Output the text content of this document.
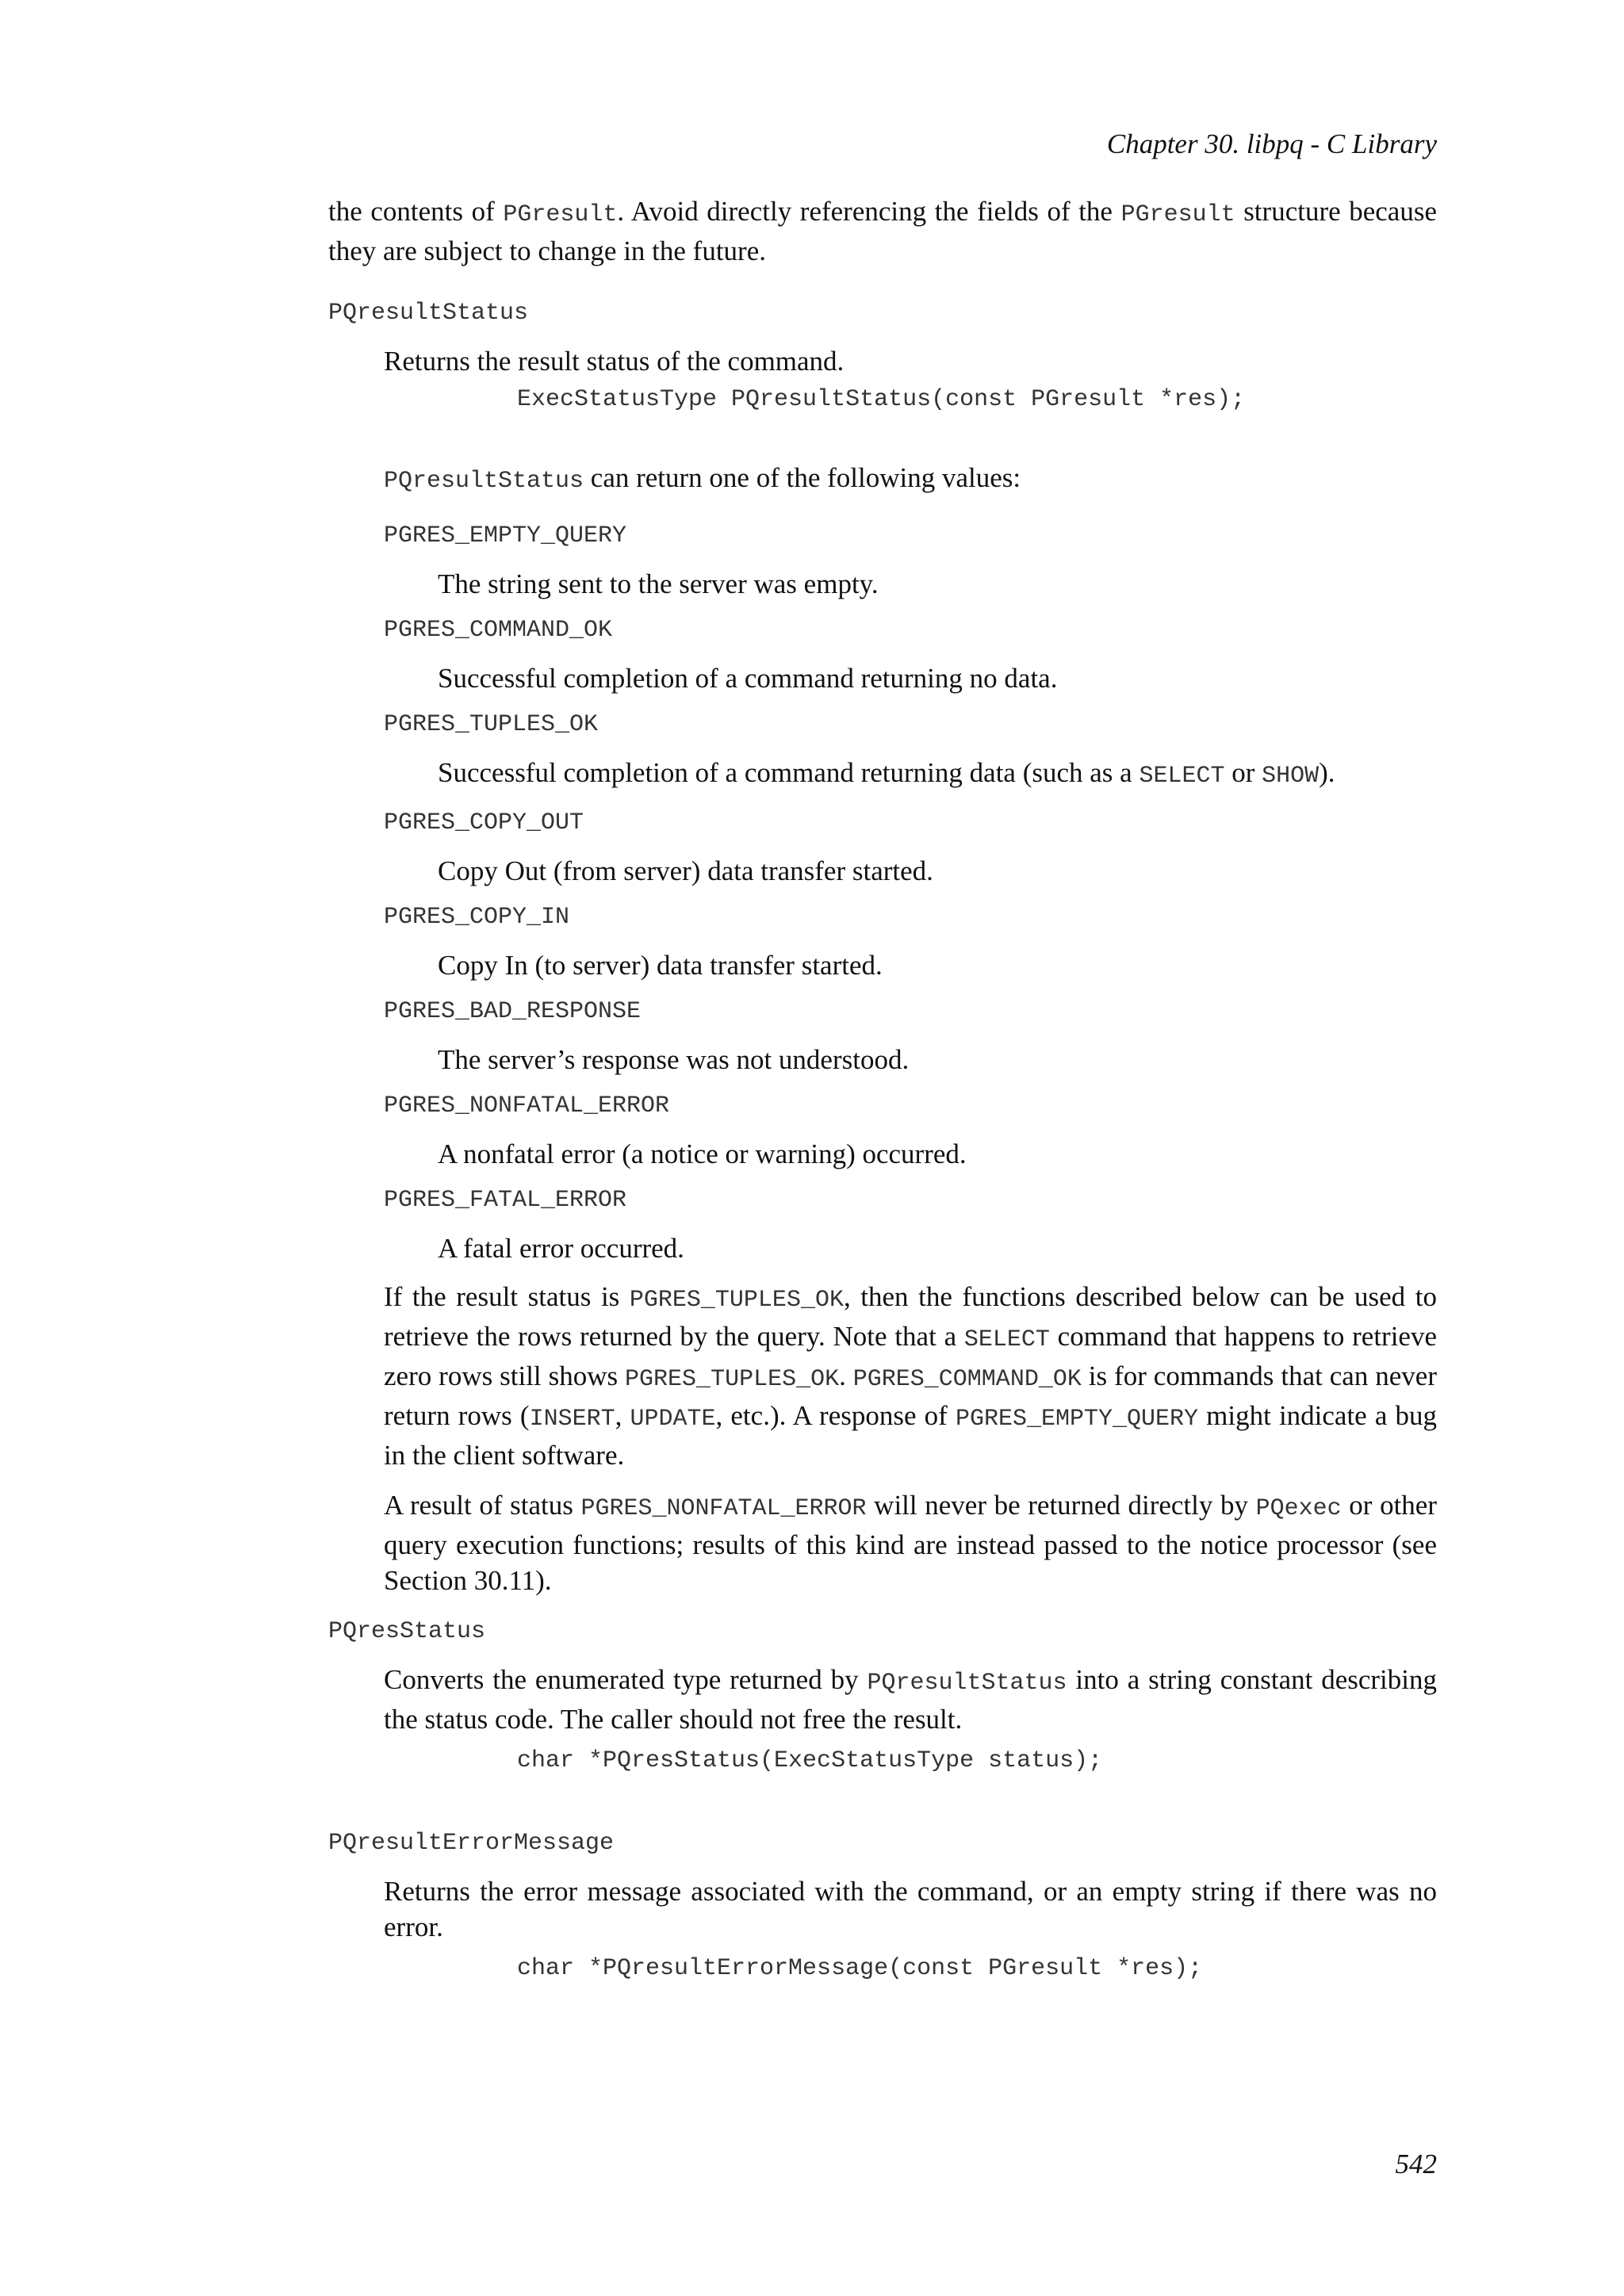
Chapter 30. libpq - C Library

the contents of PGresult. Avoid directly referencing the fields of the PGresult structure because they are subject to change in the future.

PQresultStatus

Returns the result status of the command.

ExecStatusType PQresultStatus(const PGresult *res);

PQresultStatus can return one of the following values:

PGRES_EMPTY_QUERY

The string sent to the server was empty.

PGRES_COMMAND_OK

Successful completion of a command returning no data.

PGRES_TUPLES_OK

Successful completion of a command returning data (such as a SELECT or SHOW).

PGRES_COPY_OUT

Copy Out (from server) data transfer started.

PGRES_COPY_IN

Copy In (to server) data transfer started.

PGRES_BAD_RESPONSE

The server’s response was not understood.

PGRES_NONFATAL_ERROR

A nonfatal error (a notice or warning) occurred.

PGRES_FATAL_ERROR

A fatal error occurred.

If the result status is PGRES_TUPLES_OK, then the functions described below can be used to retrieve the rows returned by the query. Note that a SELECT command that happens to retrieve zero rows still shows PGRES_TUPLES_OK. PGRES_COMMAND_OK is for commands that can never return rows (INSERT, UPDATE, etc.). A response of PGRES_EMPTY_QUERY might indicate a bug in the client software.

A result of status PGRES_NONFATAL_ERROR will never be returned directly by PQexec or other query execution functions; results of this kind are instead passed to the notice processor (see Section 30.11).

PQresStatus

Converts the enumerated type returned by PQresultStatus into a string constant describing the status code. The caller should not free the result.

char *PQresStatus(ExecStatusType status);
PQresultErrorMessage

Returns the error message associated with the command, or an empty string if there was no error.

char *PQresultErrorMessage(const PGresult *res);
542
